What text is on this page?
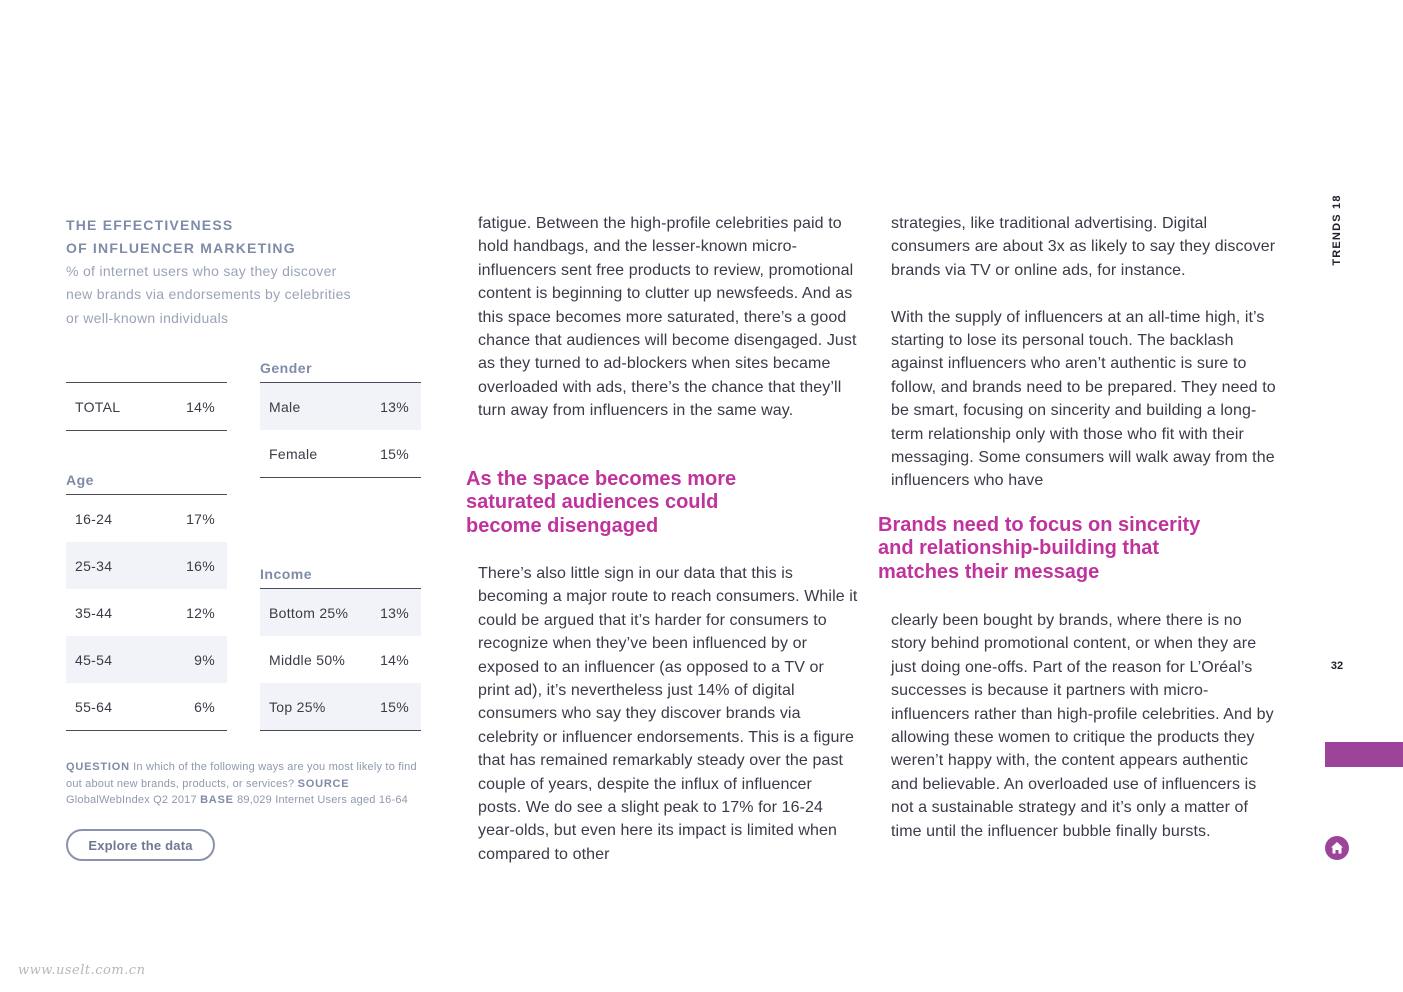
THE EFFECTIVENESS
OF INFLUENCER MARKETING
% of internet users who say they discover new brands via endorsements by celebrities or well-known individuals
TOTAL	14%
Age
16-24	17%
25-34	16%
35-44	12%
45-54	9%
55-64	6%
Gender
Male	13%
Female	15%
Income
Bottom 25% 13%
Middle 50% 14%
Top 25%	15%
QUESTION In which of the following ways are you most likely to find out about new brands, products, or services? SOURCE GlobalWebIndex Q2 2017 BASE 89,029 Internet Users aged 16-64
Explore the data

fatigue. Between the high-profile celebrities paid to hold handbags, and the lesser-known micro-influencers sent free products to review, promotional content is beginning to clutter up newsfeeds. And as this space becomes more saturated, there’s a good chance that audiences will become disengaged. Just as they turned to ad-blockers when sites became overloaded with ads, there’s the chance that they’ll turn away from influencers in the same way.

As the space becomes more saturated audiences could become disengaged

There’s also little sign in our data that this is becoming a major route to reach consumers. While it could be argued that it’s harder for consumers to recognize when they’ve been influenced by or exposed to an influencer (as opposed to a TV or print ad), it’s nevertheless just 14% of digital consumers who say they discover brands via celebrity or influencer endorsements. This is a figure that has remained remarkably steady over the past couple of years, despite the influx of influencer posts. We do see a slight peak to 17% for 16-24 year-olds, but even here its impact is limited when compared to other

strategies, like traditional advertising. Digital consumers are about 3x as likely to say they discover brands via TV or online ads, for instance.

With the supply of influencers at an all-time high, it’s starting to lose its personal touch. The backlash against influencers who aren’t authentic is sure to follow, and brands need to be prepared. They need to be smart, focusing on sincerity and building a long-term relationship only with those who fit with their messaging. Some consumers will walk away from the influencers who have

Brands need to focus on sincerity and relationship-building that matches their message

clearly been bought by brands, where there is no story behind promotional content, or when they are just doing one-offs. Part of the reason for L’Oréal’s successes is because it partners with micro-influencers rather than high-profile celebrities. And by allowing these women to critique the products they weren’t happy with, the content appears authentic and believable. An overloaded use of influencers is not a sustainable strategy and it’s only a matter of time until the influencer bubble finally bursts.

TRENDS 18
32
www.uselt.com.cn
